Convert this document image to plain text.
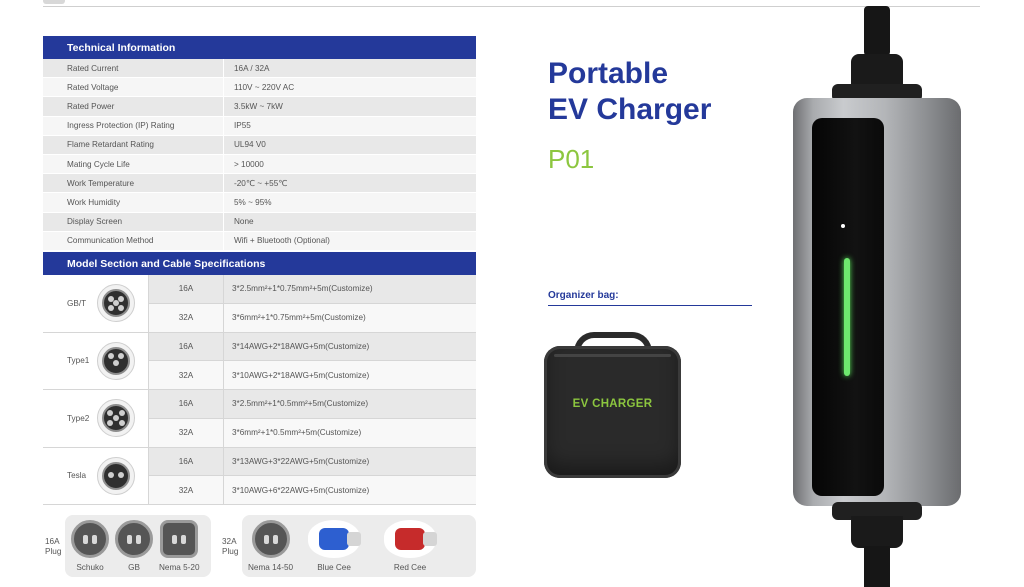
Technical Information
Rated Current	16A / 32A
Rated Voltage	110V ~ 220V AC
Rated Power	3.5kW ~ 7kW
Ingress Protection (IP) Rating	IP55
Flame Retardant Rating	UL94 V0
Mating Cycle Life	> 10000
Work Temperature	-20℃ ~ +55℃
Work Humidity	5% ~ 95%
Display Screen	None
Communication Method	Wifi + Bluetooth (Optional)
Model Section and Cable Specifications
GB/T
16A	3*2.5mm²+1*0.75mm²+5m(Customize)
32A	3*6mm²+1*0.75mm²+5m(Customize)
Type1
16A	3*14AWG+2*18AWG+5m(Customize)
32A	3*10AWG+2*18AWG+5m(Customize)
Type2
16A	3*2.5mm²+1*0.5mm²+5m(Customize)
32A	3*6mm²+1*0.5mm²+5m(Customize)
Tesla
16A	3*13AWG+3*22AWG+5m(Customize)
32A	3*10AWG+6*22AWG+5m(Customize)
16A
Plug
Schuko	GB Nema 5-20
32A
Plug
Nema 14-50	Blue Cee	Red Cee
Portable
EV Charger
P01
Organizer bag:
EV CHARGER
